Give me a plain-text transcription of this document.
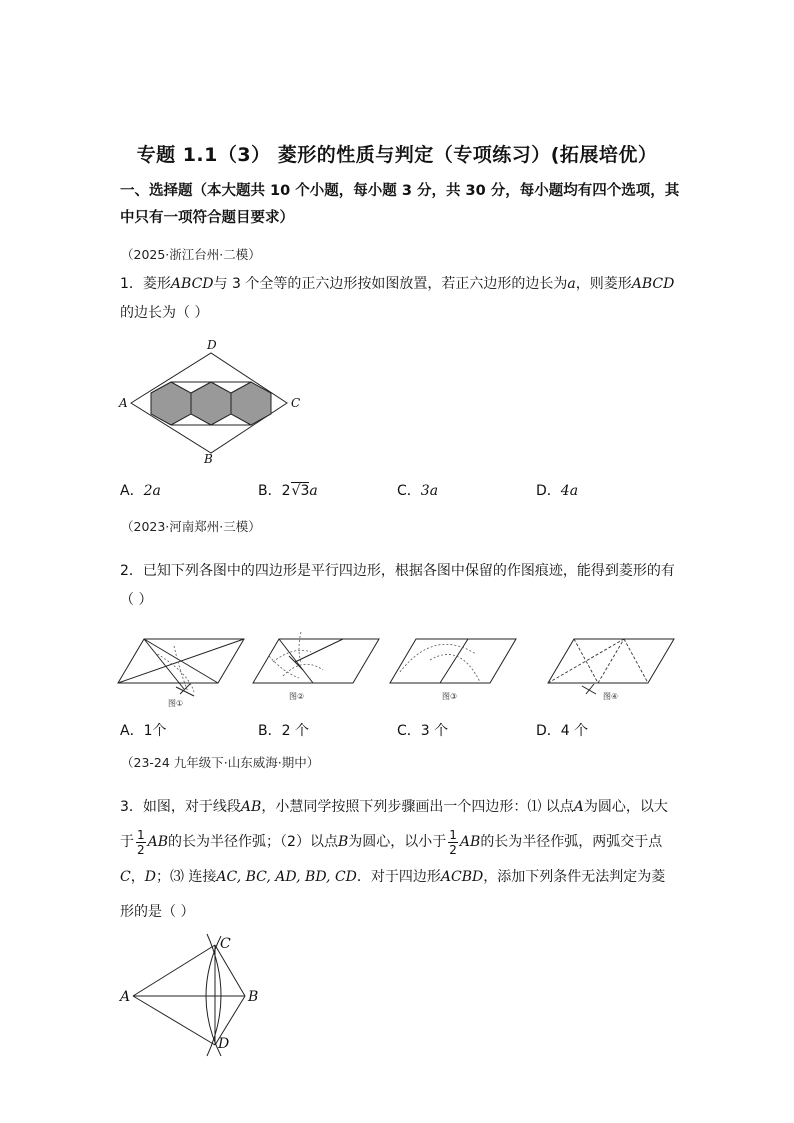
专题 1.1（3） 菱形的性质与判定（专项练习）(拓展培优）
一、选择题（本大题共 10 个小题，每小题 3 分，共 30 分，每小题均有四个选项，其中只有一项符合题目要求）
（2025·浙江台州·二模）
1．菱形ABCD与 3 个全等的正六边形按如图放置，若正六边形的边长为a，则菱形ABCD
的边长为（ ）
A
D
C
B
A．2a	B．2√3a	C．3a	D．4a
（2023·河南郑州·三模）
2．已知下列各图中的四边形是平行四边形，根据各图中保留的作图痕迹，能得到菱形的有（ ）
图①
图②	图③	图④
A．1个	B．2 个	C．3 个	D．4 个
（23-24 九年级下·山东威海·期中）
3．如图，对于线段AB，小慧同学按照下列步骤画出一个四边形：⑴ 以点A为圆心，以大于 $\frac{1}{2}$ AB的长为半径作弧；（2）以点B为圆心，以小于 $\frac{1}{2}$ AB的长为半径作弧，两弧交于点C，D；⑶ 连接AC, BC, AD, BD, CD．对于四边形ACBD，添加下列条件无法判定为菱形的是（ ）
A	B
C
D
